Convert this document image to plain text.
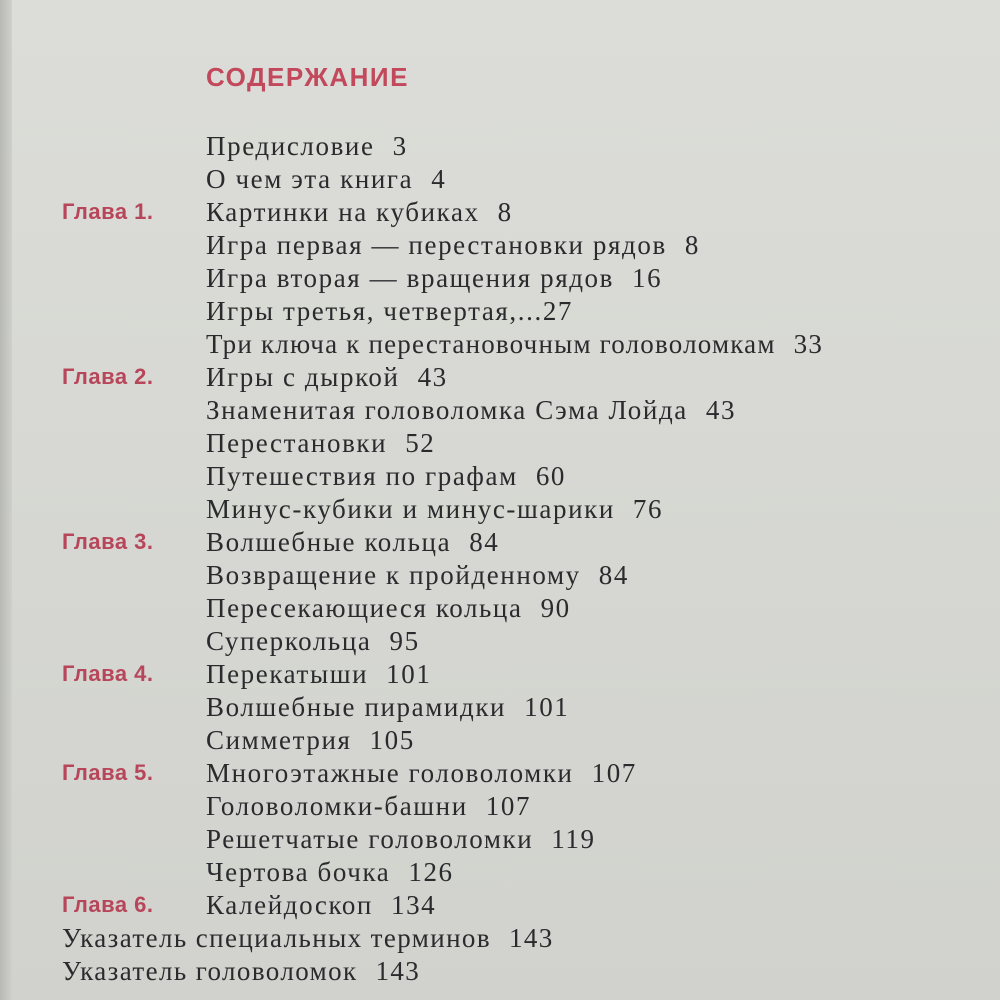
СОДЕРЖАНИЕ
Предисловие 3
О чем эта книга 4
Глава 1. Картинки на кубиках 8
Игра первая — перестановки рядов 8
Игра вторая — вращения рядов 16
Игры третья, четвертая,...27
Три ключа к перестановочным головоломкам 33
Глава 2. Игры с дыркой 43
Знаменитая головоломка Сэма Лойда 43
Перестановки 52
Путешествия по графам 60
Минус-кубики и минус-шарики 76
Глава 3. Волшебные кольца 84
Возвращение к пройденному 84
Пересекающиеся кольца 90
Суперкольца 95
Глава 4. Перекатыши 101
Волшебные пирамидки 101
Симметрия 105
Глава 5. Многоэтажные головоломки 107
Головоломки-башни 107
Решетчатые головоломки 119
Чертова бочка 126
Глава 6. Калейдоскоп 134
Указатель специальных терминов 143
Указатель головоломок 143
